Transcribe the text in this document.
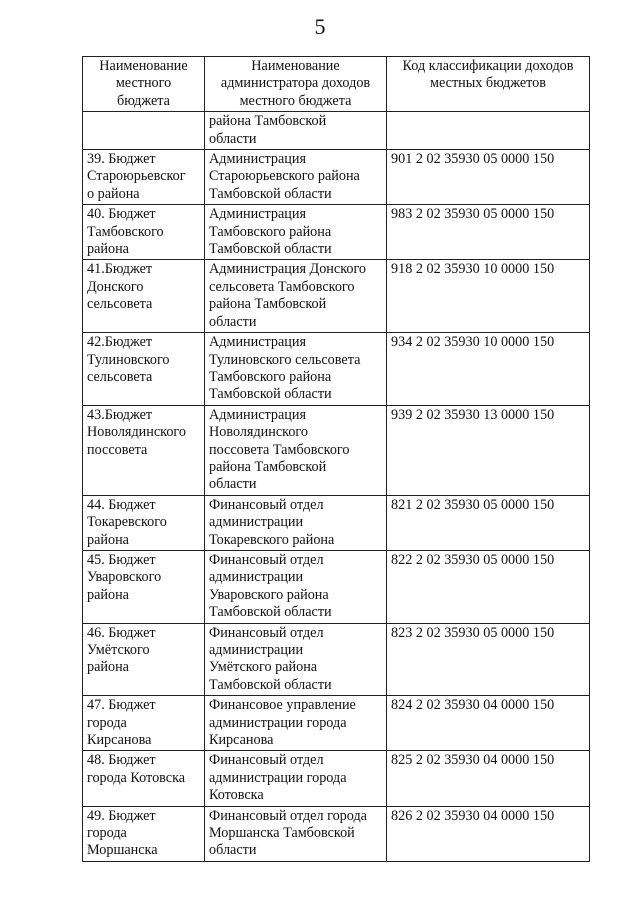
5
Наименование
местного
бюджета	Наименование
администратора доходов
местного бюджета	Код классификации доходов
местных бюджетов
	района Тамбовской
области	
39. Бюджет
Староюрьевског
о района	Администрация
Староюрьевского района
Тамбовской области	901 2 02 35930 05 0000 150
40. Бюджет
Тамбовского
района	Администрация
Тамбовского района
Тамбовской области	983 2 02 35930 05 0000 150
41.Бюджет
Донского
сельсовета	Администрация Донского
сельсовета Тамбовского
района Тамбовской
области	918 2 02 35930 10 0000 150
42.Бюджет
Тулиновского
сельсовета	Администрация
Тулиновского сельсовета
Тамбовского района
Тамбовской области	934 2 02 35930 10 0000 150
43.Бюджет
Новолядинского
поссовета	Администрация
Новолядинского
поссовета Тамбовского
района Тамбовской
области	939 2 02 35930 13 0000 150
44. Бюджет
Токаревского
района	Финансовый отдел
администрации
Токаревского района	821 2 02 35930 05 0000 150
45. Бюджет
Уваровского
района	Финансовый отдел
администрации
Уваровского района
Тамбовской области	822 2 02 35930 05 0000 150
46. Бюджет
Умётского
района	Финансовый отдел
администрации
Умётского района
Тамбовской области	823 2 02 35930 05 0000 150
47. Бюджет
города
Кирсанова	Финансовое управление
администрации города
Кирсанова	824 2 02 35930 04 0000 150
48. Бюджет
города Котовска	Финансовый отдел
администрации города
Котовска	825 2 02 35930 04 0000 150
49. Бюджет
города
Моршанска	Финансовый отдел города
Моршанска Тамбовской
области	826 2 02 35930 04 0000 150
